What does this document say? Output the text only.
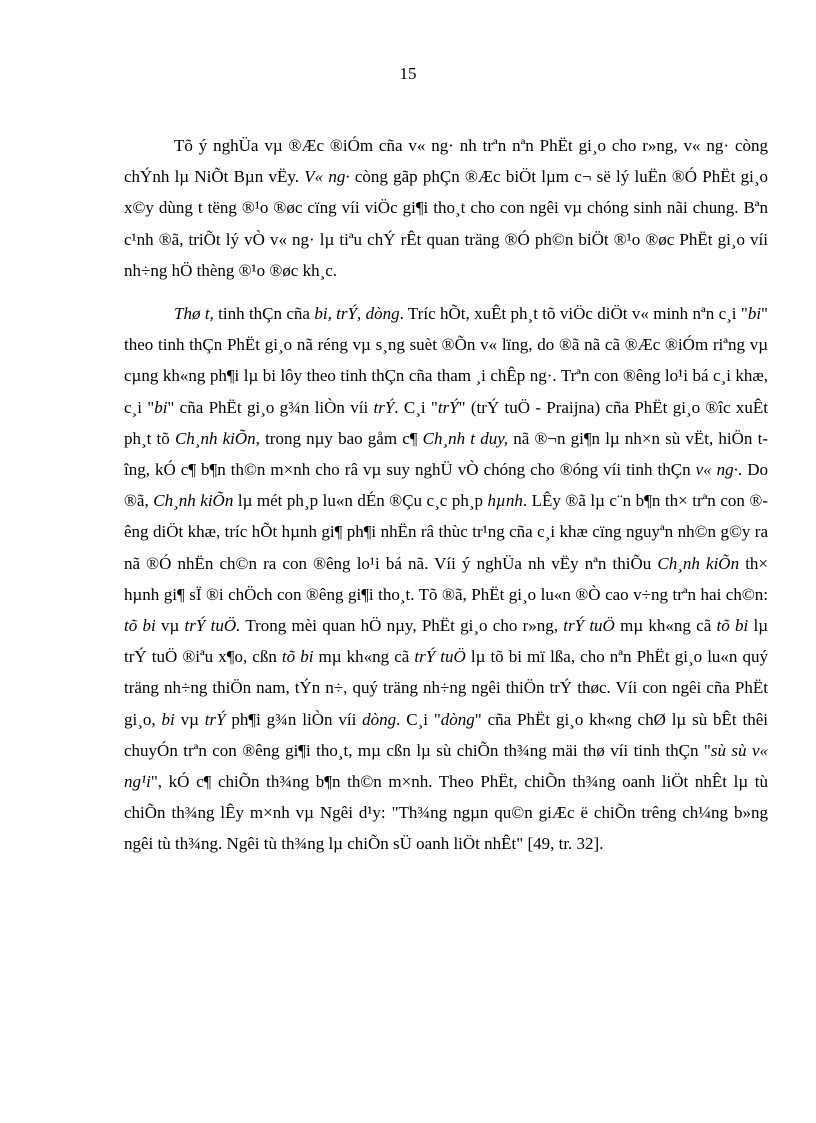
15

Tõ ý nghÜa vµ ®Æc ®iÓm cña v« ng· nh trªn nªn PhËt gi¸o cho r»ng, v« ng· còng chÝnh lµ NiÕt Bµn vËy. V« ng· còng gãp phÇn ®Æc biÖt lµm c¬ së lý luËn ®Ó PhËt gi¸o x©y dùng t tëng ®¹o ®øc cïng víi viÖc gi¶i tho¸t cho con ngêi vµ chóng sinh nãi chung. Bªn c¹nh ®ã, triÕt lý vÒ v« ng· lµ tiªu chÝ rÊt quan träng ®Ó ph©n biÖt ®¹o ®øc PhËt gi¸o víi nh÷ng hÖ thèng ®¹o ®øc kh¸c.

Thø t, tinh thÇn cña bi, trÝ, dòng. Tríc hÕt, xuÊt ph¸t tõ viÖc diÖt v« minh nªn c¸i "bi" theo tinh thÇn PhËt gi¸o nã réng vµ s¸ng suèt ®Õn v« lïng, do ®ã nã cã ®Æc ®iÓm riªng vµ cµng kh«ng ph¶i lµ bi lôy theo tinh thÇn cña tham ¸i chÊp ng·. Trªn con ®êng lo¹i bá c¸i khæ, c¸i "bi" cña PhËt gi¸o g¾n liÒn víi trÝ. C¸i "trÝ" (trÝ tuÖ - Praijna) cña PhËt gi¸o ®îc xuÊt ph¸t tõ Ch¸nh kiÕn, trong nµy bao gåm c¶ Ch¸nh t duy, nã ®¬n gi¶n lµ nh×n sù vËt, hiÖn tîng, kÓ c¶ b¶n th©n m×nh cho râ vµ suy nghÜ vÒ chóng cho ®óng víi tinh thÇn v« ng·. Do ®ã, Ch¸nh kiÕn lµ mét ph¸p lu«n dÉn ®Çu c¸c ph¸p hµnh. LÊy ®ã lµ c¨n b¶n th× trªn con ®êng diÖt khæ, tríc hÕt hµnh gi¶ ph¶i nhËn râ thùc tr¹ng cña c¸i khæ cïng nguyªn nh©n g©y ra nã ®Ó nhËn ch©n ra con ®êng lo¹i bá nã. Víi ý nghÜa nh vËy nªn thiÕu Ch¸nh kiÕn th× hµnh gi¶ sÏ ®i chÖch con ®êng gi¶i tho¸t. Tõ ®ã, PhËt gi¸o lu«n ®Ò cao v÷ng trªn hai ch©n: tõ bi vµ trÝ tuÖ. Trong mèi quan hÖ nµy, PhËt gi¸o cho r»ng, trÝ tuÖ mµ kh«ng cã tõ bi lµ trÝ tuÖ ®iªu x¶o, cßn tõ bi mµ kh«ng cã trÝ tuÖ lµ tõ bi mï lßa, cho nªn PhËt gi¸o lu«n quý träng nh÷ng thiÖn nam, tÝn n÷, quý träng nh÷ng ngêi thiÖn trÝ thøc. Víi con ngêi cña PhËt gi¸o, bi vµ trÝ ph¶i g¾n liÒn víi dòng. C¸i "dòng" cña PhËt gi¸o kh«ng chØ lµ sù bÊt thêi chuyÓn trªn con ®êng gi¶i tho¸t, mµ cßn lµ sù chiÕn th¾ng mäi thø víi tinh thÇn "sù sù v« ng¹i", kÓ c¶ chiÕn th¾ng b¶n th©n m×nh. Theo PhËt, chiÕn th¾ng oanh liÖt nhÊt lµ tù chiÕn th¾ng lÊy m×nh vµ Ngêi d¹y: "Th¾ng ngµn qu©n giÆc ë chiÕn trêng ch¼ng b»ng ngêi tù th¾ng. Ngêi tù th¾ng lµ chiÕn sÜ oanh liÖt nhÊt" [49, tr. 32].
